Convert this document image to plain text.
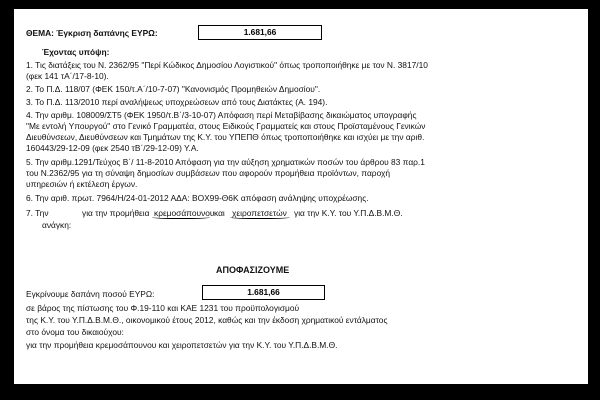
ΘΕΜΑ: Έγκριση δαπάνης ΕΥΡΩ:	1.681,66
Έχοντας υπόψη:
1. Τις διατάξεις του Ν. 2362/95 "Περί Κώδικος Δημοσίου Λογιστικού" όπως τροποποιήθηκε με τον Ν. 3817/10
(φεκ 141 τΑ΄/17-8-10).
2. Το Π.Δ. 118/07 (ΦΕΚ 150/τ.Α΄/10-7-07) "Κανονισμός Προμηθειών Δημοσίου".
3. Το Π.Δ. 113/2010 περί αναλήψεως υποχρεώσεων από τους Διατάκτες (Α. 194).
4. Την αριθμ. 108009/ΣΤ5 (ΦΕΚ 1950/τ.Β΄/3-10-07) Απόφαση περί Μεταβίβασης δικαιώματος υπογραφής
"Με εντολή Υπουργού" στο Γενικό Γραμματέα, στους Ειδικούς Γραμματείς και στους Προϊσταμένους Γενικών
Διευθύνσεων, Διευθύνσεων και Τμημάτων της Κ.Υ. του ΥΠΕΠΘ όπως τροποποιήθηκε και ισχύει με την αριθ.
160443/29-12-09 (φεκ 2540 τΒ΄/29-12-09) Υ.Α.
5. Την αριθμ.1291/Τεύχος Β΄/ 11-8-2010 Απόφαση για την αύξηση χρηματικών ποσών του άρθρου 83 παρ.1
του Ν.2362/95 για τη σύναψη δημοσίων συμβάσεων που αφορούν προμήθεια προϊόντων, παροχή
υπηρεσιών ή εκτέλεση έργων.
6. Την αριθ. πρωτ. 7964/Η/24-01-2012 ΑΔΑ: ΒΟΧ99-Θ6Κ απόφαση ανάληψης υποχρέωσης.
7. Την	για την προμήθεια κρεμοσάπουνου και χειροπετσετών για την Κ.Υ. του Υ.Π.Δ.Β.Μ.Θ.
ανάγκη:
ΑΠΟΦΑΣΙΖΟΥΜΕ
Εγκρίνουμε δαπάνη ποσού ΕΥΡΩ:	1.681,66
σε βάρος της πίστωσης του Φ.19-110 και ΚΑΕ 1231 του προϋπολογισμού
της Κ.Υ. του Υ.Π.Δ.Β.Μ.Θ., οικονομικού έτους 2012, καθώς και την έκδοση χρηματικού εντάλματος
στο όνομα του δικαιούχου:
για την προμήθεια κρεμοσάπουνου και χειροπετσετών για την Κ.Υ. του Υ.Π.Δ.Β.Μ.Θ.
